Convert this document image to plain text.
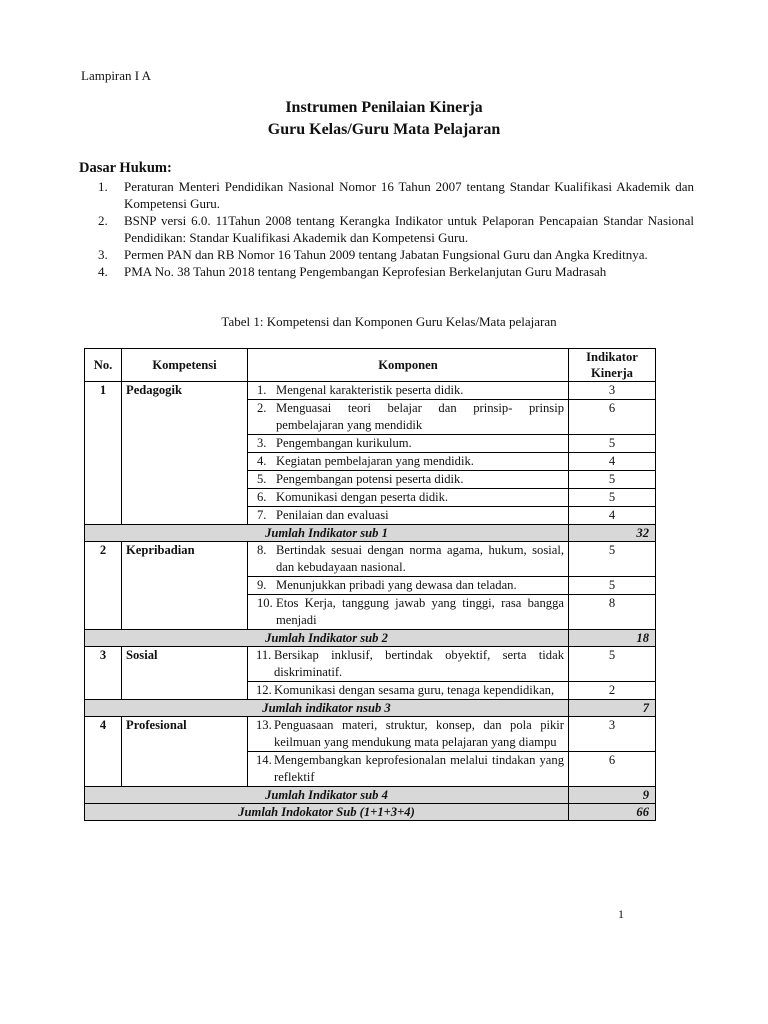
Lampiran I A
Instrumen Penilaian Kinerja
Guru Kelas/Guru Mata Pelajaran
Dasar Hukum:
1. Peraturan Menteri Pendidikan Nasional Nomor 16 Tahun 2007 tentang Standar Kualifikasi Akademik dan Kompetensi Guru.
2. BSNP versi 6.0. 11Tahun 2008 tentang Kerangka Indikator untuk Pelaporan Pencapaian Standar Nasional Pendidikan: Standar Kualifikasi Akademik dan Kompetensi Guru.
3. Permen PAN dan RB Nomor 16 Tahun 2009 tentang Jabatan Fungsional Guru dan Angka Kreditnya.
4. PMA No. 38 Tahun 2018 tentang Pengembangan Keprofesian Berkelanjutan Guru Madrasah
Tabel 1: Kompetensi dan Komponen Guru Kelas/Mata pelajaran
No.	Kompetensi	Komponen	Indikator
Kinerja
1	Pedagogik	1. Mengenal karakteristik peserta didik.	3

		2. Menguasai teori belajar dan prinsip- prinsip pembelajaran yang mendidik	6

		3. Pengembangan kurikulum.	5

		4. Kegiatan pembelajaran yang mendidik.	4

		5. Pengembangan potensi peserta didik.	5

		6. Komunikasi dengan peserta didik.	5

		7. Penilaian dan evaluasi	4
Jumlah Indikator sub 1			32
2	Kepribadian	8. Bertindak sesuai dengan norma agama, hukum, sosial, dan kebudayaan nasional.	5

		9. Menunjukkan pribadi yang dewasa dan teladan.	5

		10. Etos Kerja, tanggung jawab yang tinggi, rasa bangga menjadi	8
Jumlah Indikator sub 2			18
3	Sosial	11. Bersikap inklusif, bertindak obyektif, serta tidak diskriminatif.	5

		12. Komunikasi dengan sesama guru, tenaga kependidikan,	2
Jumlah indikator nsub 3			7
4	Profesional	13. Penguasaan materi, struktur, konsep, dan pola pikir keilmuan yang mendukung mata pelajaran yang diampu	3

		14. Mengembangkan keprofesionalan melalui tindakan yang reflektif	6
Jumlah Indikator sub 4			9
Jumlah Indokator Sub (1+1+3+4)			66
1
